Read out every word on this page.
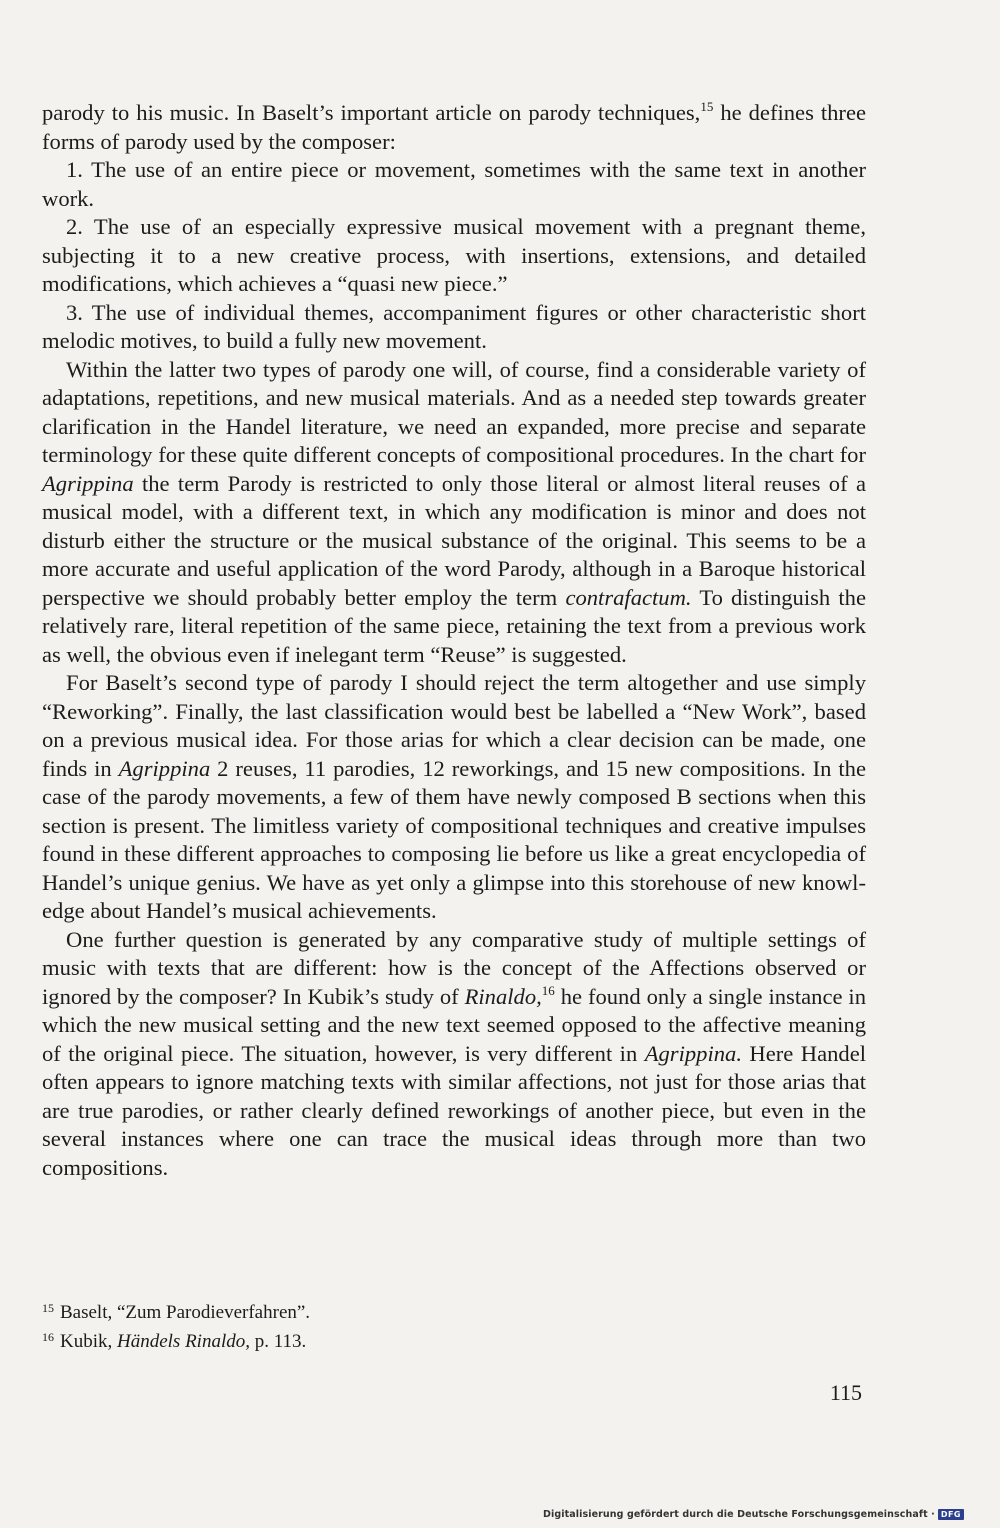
parody to his music. In Baselt’s important article on parody techniques,$^{15}$ he defines three forms of parody used by the composer:

1. The use of an entire piece or movement, sometimes with the same text in another work.

2. The use of an especially expressive musical movement with a pregnant theme, subjecting it to a new creative process, with insertions, extensions, and detailed modifications, which achieves a “quasi new piece.”

3. The use of individual themes, accompaniment figures or other characteristic short melodic motives, to build a fully new movement.

Within the latter two types of parody one will, of course, find a considerable variety of adaptations, repetitions, and new musical materials. And as a needed step towards greater clarification in the Handel literature, we need an expanded, more precise and separate terminology for these quite different concepts of compositional procedures. In the chart for Agrippina the term Parody is restricted to only those literal or almost literal reuses of a musical model, with a different text, in which any modification is minor and does not disturb either the structure or the musical substance of the original. This seems to be a more accurate and useful application of the word Parody, although in a Baroque historical perspective we should probably better employ the term contrafactum. To distinguish the relatively rare, literal repetition of the same piece, retaining the text from a previous work as well, the obvious even if inelegant term “Reuse” is suggested.

For Baselt’s second type of parody I should reject the term altogether and use simply “Reworking”. Finally, the last classification would best be labelled a “New Work”, based on a previous musical idea. For those arias for which a clear decision can be made, one finds in Agrippina 2 reuses, 11 parodies, 12 reworkings, and 15 new compositions. In the case of the parody movements, a few of them have newly composed B sections when this section is present. The limitless variety of compositional techniques and creative impulses found in these different approaches to composing lie before us like a great encyclopedia of Handel’s unique genius. We have as yet only a glimpse into this storehouse of new knowledge about Handel’s musical achievements.

One further question is generated by any comparative study of multiple settings of music with texts that are different: how is the concept of the Affections observed or ignored by the composer? In Kubik’s study of Rinaldo,$^{16}$ he found only a single instance in which the new musical setting and the new text seemed opposed to the affective meaning of the original piece. The situation, however, is very different in Agrippina. Here Handel often appears to ignore matching texts with similar affections, not just for those arias that are true parodies, or rather clearly defined reworkings of another piece, but even in the several instances where one can trace the musical ideas through more than two compositions.

$^{15}$ Baselt, “Zum Parodieverfahren”.

$^{16}$ Kubik, Händels Rinaldo, p. 113.

115
Digitalisierung gefördert durch die Deutsche Forschungsgemeinschaft · DFG
